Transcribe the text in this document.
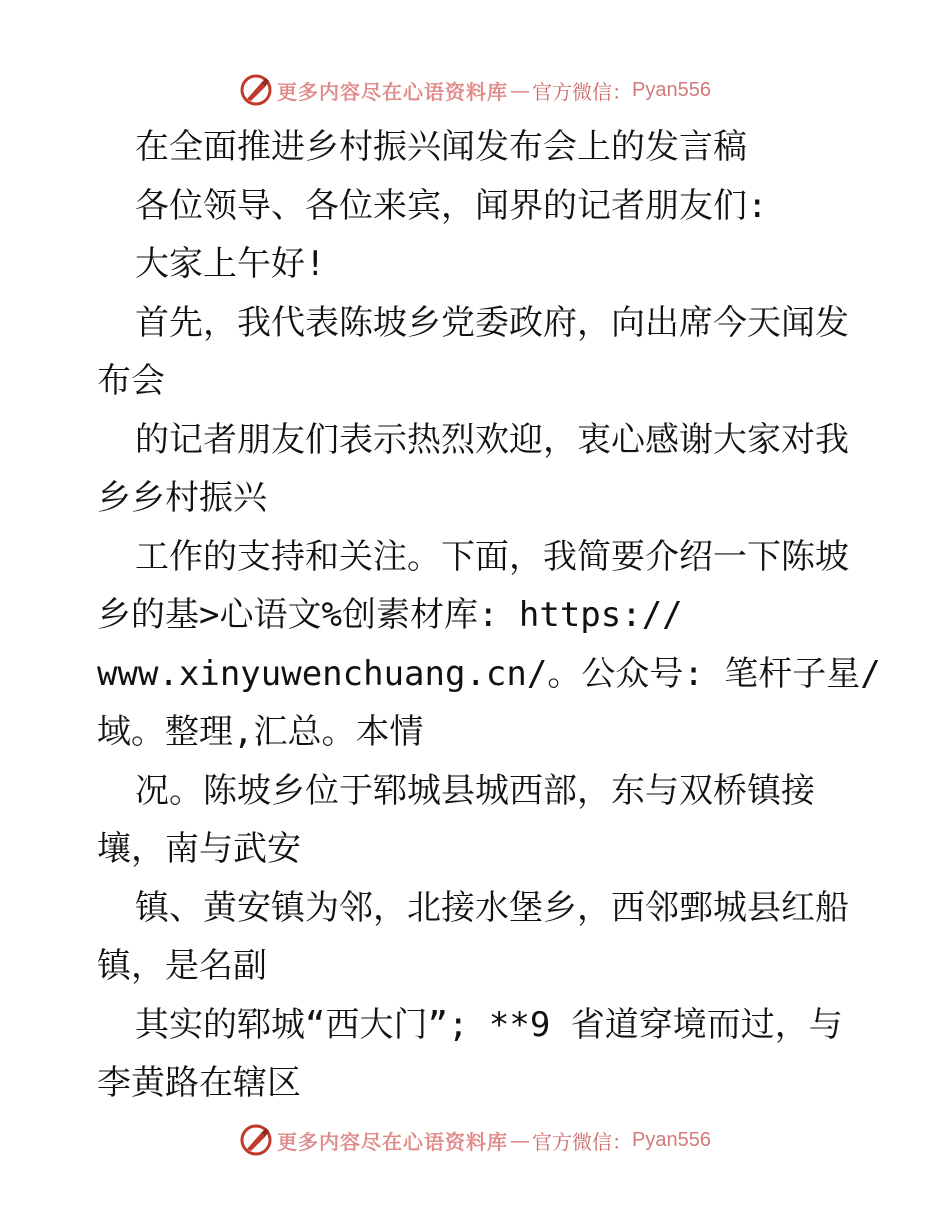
更多内容尽在心语资料库 — 官方微信： Pyan556
在全面推进乡村振兴闻发布会上的发言稿
各位领导、各位来宾，闻界的记者朋友们:
大家上午好!
首先，我代表陈坡乡党委政府，向出席今天闻发
布会
的记者朋友们表示热烈欢迎，衷心感谢大家对我
乡乡村振兴
工作的支持和关注。下面，我简要介绍一下陈坡
乡的基>心语文%创素材库: https://
www.xinyuwenchuang.cn/。公众号: 笔杆子星/
域。整理,汇总。本情
况。陈坡乡位于郓城县城西部，东与双桥镇接
壤，南与武安
镇、黄安镇为邻，北接水堡乡，西邻鄄城县红船
镇，是名副
其实的郓城“西大门”; **9 省道穿境而过，与
李黄路在辖区
更多内容尽在心语资料库 — 官方微信： Pyan556
